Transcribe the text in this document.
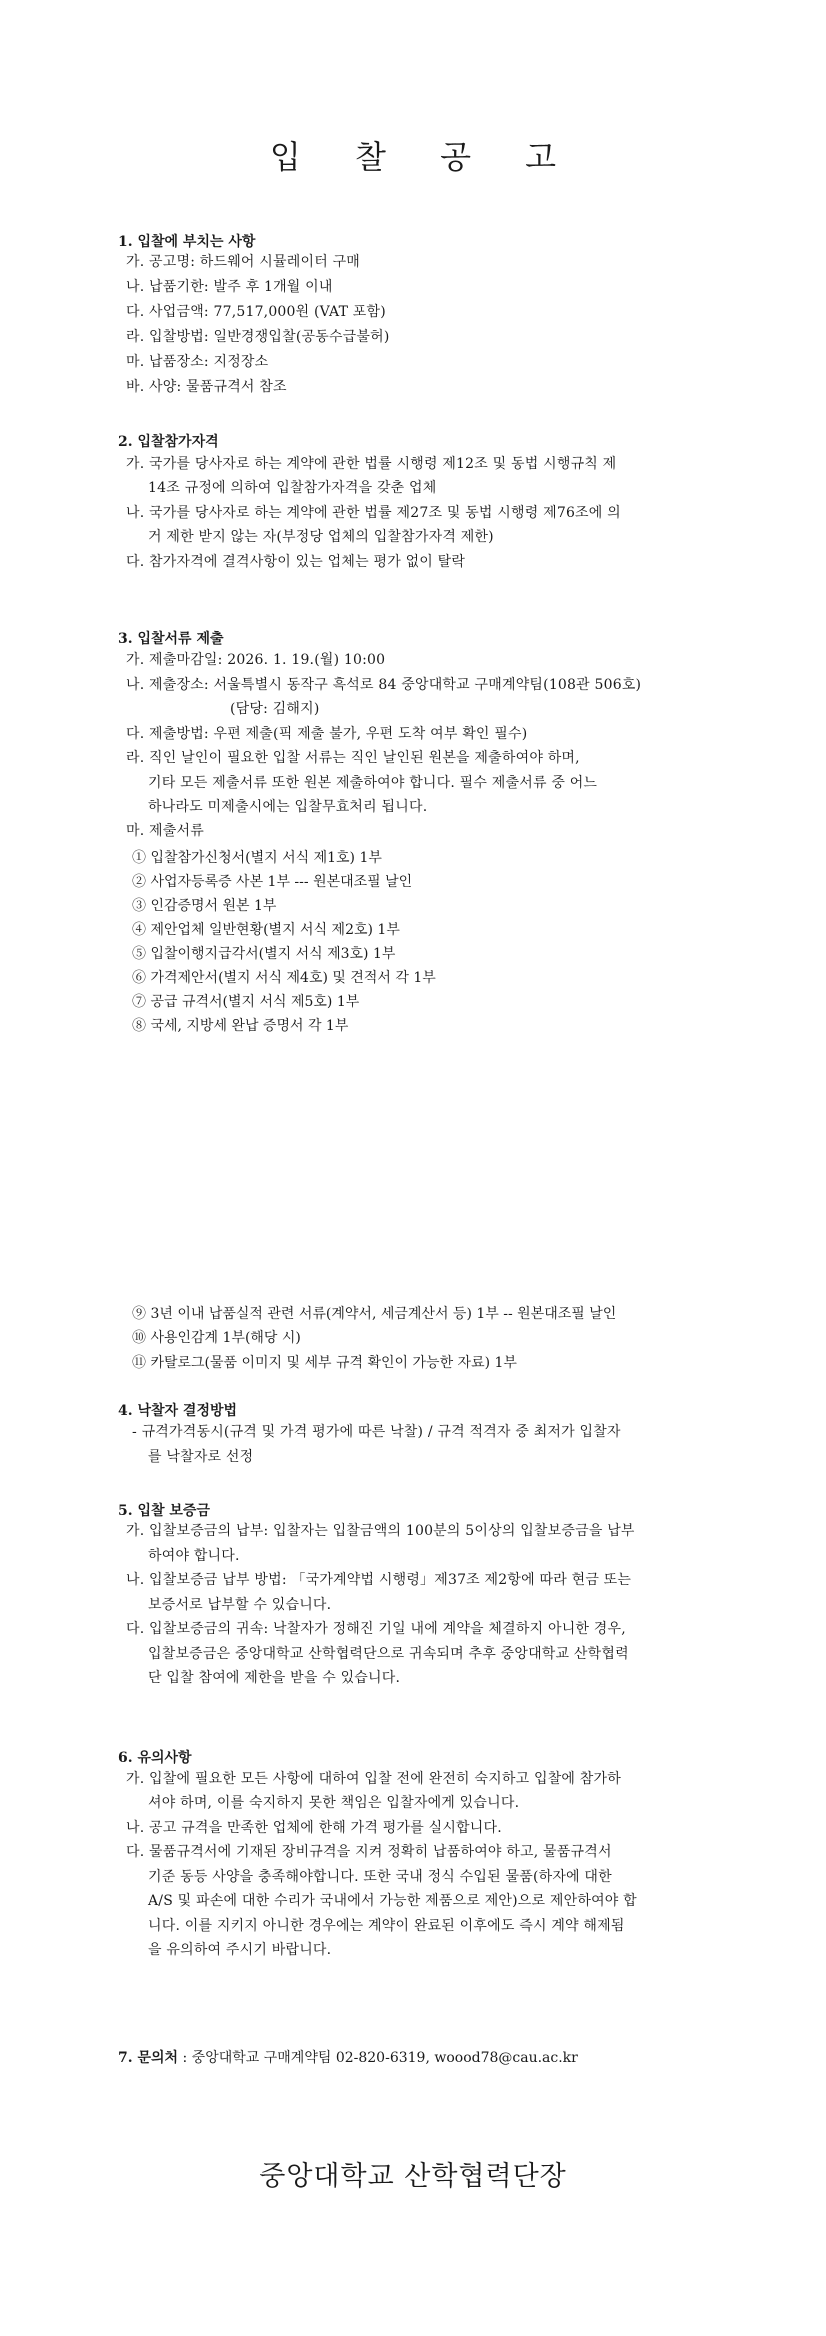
입 찰 공 고
1. 입찰에 부치는 사항
가. 공고명: 하드웨어 시뮬레이터 구매
나. 납품기한: 발주 후 1개월 이내
다. 사업금액: 77,517,000원 (VAT 포함)
라. 입찰방법: 일반경쟁입찰(공동수급불허)
마. 납품장소: 지정장소
바. 사양: 물품규격서 참조
2. 입찰참가자격
가. 국가를 당사자로 하는 계약에 관한 법률 시행령 제12조 및 동법 시행규칙 제
14조 규정에 의하여 입찰참가자격을 갖춘 업체
나. 국가를 당사자로 하는 계약에 관한 법률 제27조 및 동법 시행령 제76조에 의
거 제한 받지 않는 자(부정당 업체의 입찰참가자격 제한)
다. 참가자격에 결격사항이 있는 업체는 평가 없이 탈락
3. 입찰서류 제출
가. 제출마감일: 2026. 1. 19.(월) 10:00
나. 제출장소: 서울특별시 동작구 흑석로 84 중앙대학교 구매계약팀(108관 506호)
(담당: 김해지)
다. 제출방법: 우편 제출(픽 제출 불가, 우편 도착 여부 확인 필수)
라. 직인 날인이 필요한 입찰 서류는 직인 날인된 원본을 제출하여야 하며,
기타 모든 제출서류 또한 원본 제출하여야 합니다. 필수 제출서류 중 어느
하나라도 미제출시에는 입찰무효처리 됩니다.
마. 제출서류
① 입찰참가신청서(별지 서식 제1호) 1부
② 사업자등록증 사본 1부 --- 원본대조필 날인
③ 인감증명서 원본 1부
④ 제안업체 일반현황(별지 서식 제2호) 1부
⑤ 입찰이행지급각서(별지 서식 제3호) 1부
⑥ 가격제안서(별지 서식 제4호) 및 견적서 각 1부
⑦ 공급 규격서(별지 서식 제5호) 1부
⑧ 국세, 지방세 완납 증명서 각 1부
⑨ 3년 이내 납품실적 관련 서류(계약서, 세금계산서 등) 1부 -- 원본대조필 날인
⑩ 사용인감계 1부(해당 시)
⑪ 카탈로그(물품 이미지 및 세부 규격 확인이 가능한 자료) 1부
4. 낙찰자 결정방법
- 규격가격동시(규격 및 가격 평가에 따른 낙찰) / 규격 적격자 중 최저가 입찰자
를 낙찰자로 선정
5. 입찰 보증금
가. 입찰보증금의 납부: 입찰자는 입찰금액의 100분의 5이상의 입찰보증금을 납부
하여야 합니다.
나. 입찰보증금 납부 방법: 「국가계약법 시행령」제37조 제2항에 따라 현금 또는
보증서로 납부할 수 있습니다.
다. 입찰보증금의 귀속: 낙찰자가 정해진 기일 내에 계약을 체결하지 아니한 경우,
입찰보증금은 중앙대학교 산학협력단으로 귀속되며 추후 중앙대학교 산학협력
단 입찰 참여에 제한을 받을 수 있습니다.
6. 유의사항
가. 입찰에 필요한 모든 사항에 대하여 입찰 전에 완전히 숙지하고 입찰에 참가하
셔야 하며, 이를 숙지하지 못한 책임은 입찰자에게 있습니다.
나. 공고 규격을 만족한 업체에 한해 가격 평가를 실시합니다.
다. 물품규격서에 기재된 장비규격을 지켜 정확히 납품하여야 하고, 물품규격서
기준 동등 사양을 충족해야합니다. 또한 국내 정식 수입된 물품(하자에 대한
A/S 및 파손에 대한 수리가 국내에서 가능한 제품으로 제안)으로 제안하여야 합
니다. 이를 지키지 아니한 경우에는 계약이 완료된 이후에도 즉시 계약 해제됨
을 유의하여 주시기 바랍니다.
7. 문의처 : 중앙대학교 구매계약팀 02-820-6319, woood78@cau.ac.kr
중앙대학교 산학협력단장
